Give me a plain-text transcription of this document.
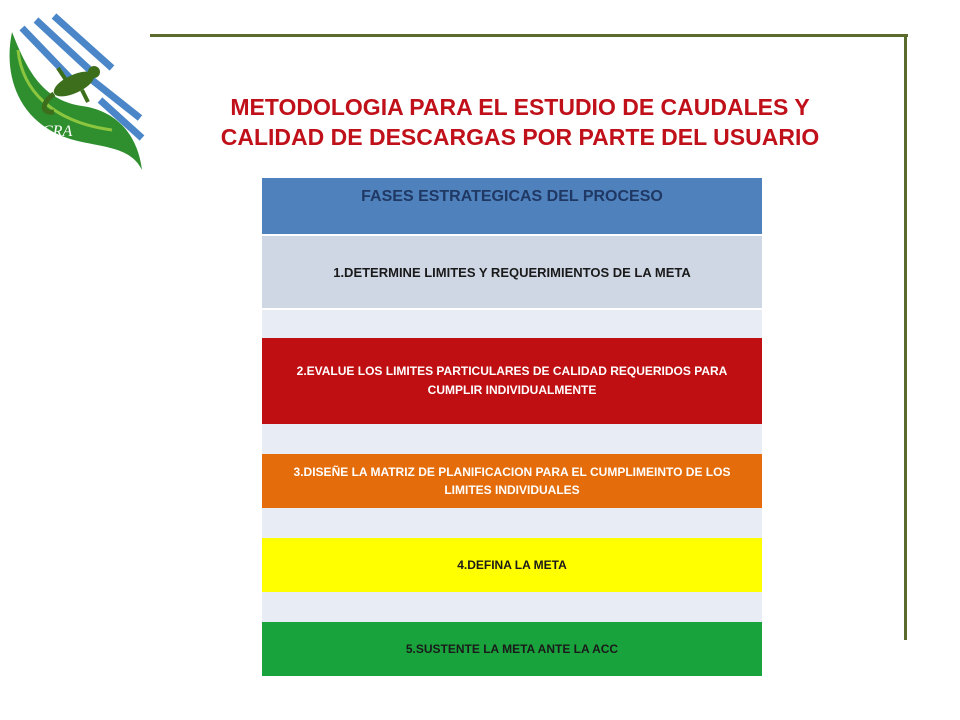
CRA
METODOLOGIA PARA EL ESTUDIO DE CAUDALES Y
CALIDAD DE DESCARGAS POR PARTE DEL USUARIO
FASES ESTRATEGICAS DEL PROCESO
1.DETERMINE LIMITES Y REQUERIMIENTOS DE LA META
2.EVALUE LOS LIMITES PARTICULARES DE CALIDAD REQUERIDOS PARA CUMPLIR INDIVIDUALMENTE
3.DISEÑE LA MATRIZ DE PLANIFICACION PARA EL CUMPLIMEINTO DE LOS LIMITES INDIVIDUALES
4.DEFINA LA META
5.SUSTENTE LA META ANTE LA ACC
